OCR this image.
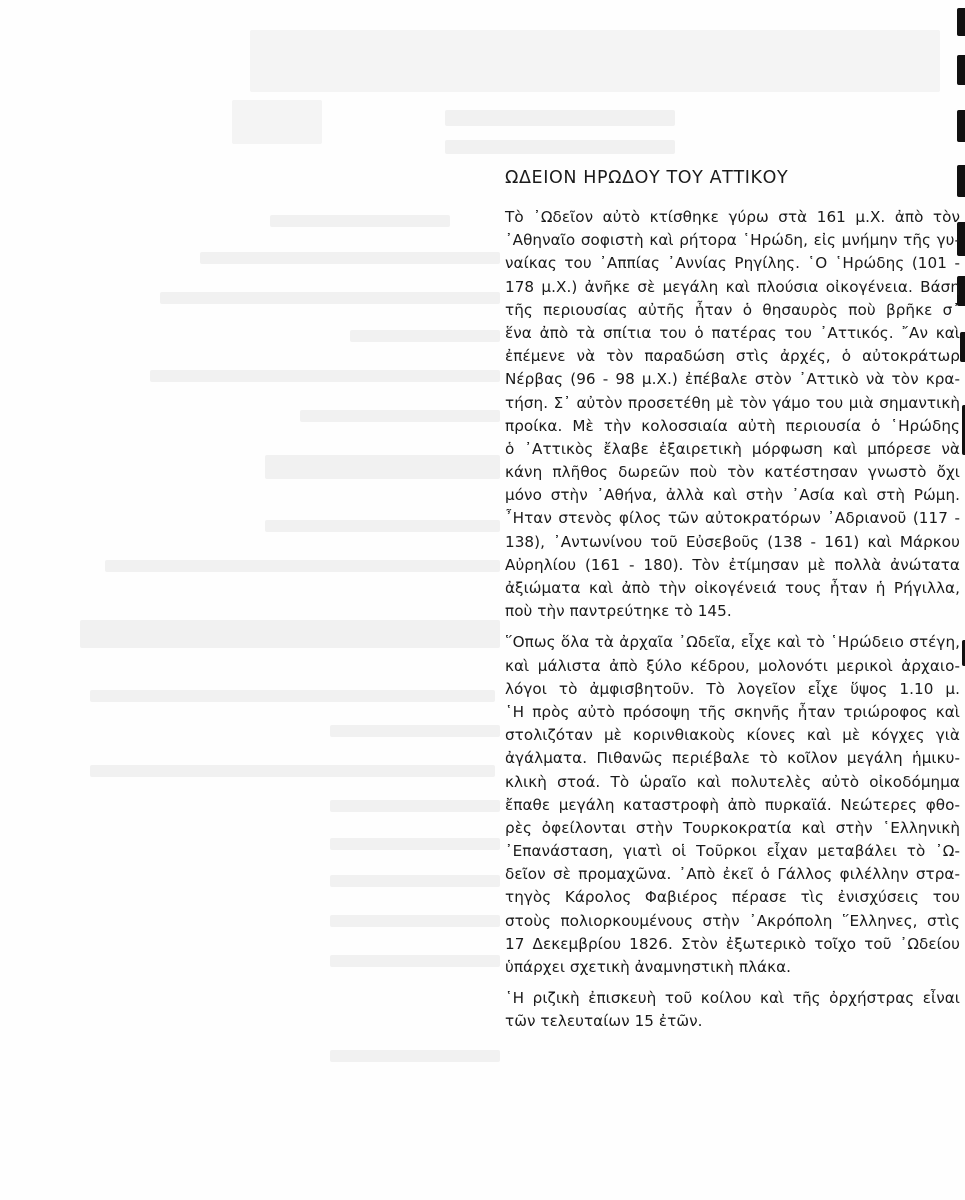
ΩΔΕΙΟΝ ΗΡΩΔΟΥ ΤΟΥ ΑΤΤΙΚΟΥ
Τὸ ᾿Ωδεῖον αὐτὸ κτίσθηκε γύρω στὰ 161 μ.Χ. ἀπὸ τὸν
᾿Αθηναῖο σοφιστὴ καὶ ρήτορα ῾Ηρώδη, εἰς μνήμην τῆς γυ-
ναίκας του ᾿Αππίας ᾿Αννίας Ρηγίλης. ῾Ο ῾Ηρώδης (101 -
178 μ.Χ.) ἀνῆκε σὲ μεγάλη καὶ πλούσια οἰκογένεια. Βάση
τῆς περιουσίας αὐτῆς ἦταν ὁ θησαυρὸς ποὺ βρῆκε σ᾿
ἕνα ἀπὸ τὰ σπίτια του ὁ πατέρας του ᾿Αττικός. ῎Αν καὶ
ἐπέμενε νὰ τὸν παραδώση στὶς ἀρχές, ὁ αὐτοκράτωρ
Νέρβας (96 - 98 μ.Χ.) ἐπέβαλε στὸν ᾿Αττικὸ νὰ τὸν κρα-
τήση. Σ᾿ αὐτὸν προσετέθη μὲ τὸν γάμο του μιὰ σημαντικὴ
προίκα. Μὲ τὴν κολοσσιαία αὐτὴ περιουσία ὁ ῾Ηρώδης
ὁ ᾿Αττικὸς ἔλαβε ἐξαιρετικὴ μόρφωση καὶ μπόρεσε νὰ
κάνη πλῆθος δωρεῶν ποὺ τὸν κατέστησαν γνωστὸ ὄχι
μόνο στὴν ᾿Αθήνα, ἀλλὰ καὶ στὴν ᾿Ασία καὶ στὴ Ρώμη.
῏Ηταν στενὸς φίλος τῶν αὐτοκρατόρων ᾿Αδριανοῦ (117 -
138), ᾿Αντωνίνου τοῦ Εὐσεβοῦς (138 - 161) καὶ Μάρκου
Αὐρηλίου (161 - 180). Τὸν ἐτίμησαν μὲ πολλὰ ἀνώτατα
ἀξιώματα καὶ ἀπὸ τὴν οἰκογένειά τους ἦταν ἡ Ρήγιλλα,
ποὺ τὴν παντρεύτηκε τὸ 145.
῞Οπως ὅλα τὰ ἀρχαῖα ᾿Ωδεῖα, εἶχε καὶ τὸ ῾Ηρώδειο στέγη,
καὶ μάλιστα ἀπὸ ξύλο κέδρου, μολονότι μερικοὶ ἀρχαιο-
λόγοι τὸ ἀμφισβητοῦν. Τὸ λογεῖον εἶχε ὕψος 1.10 μ.
῾Η πρὸς αὐτὸ πρόσοψη τῆς σκηνῆς ἦταν τριώροφος καὶ
στολιζόταν μὲ κορινθιακοὺς κίονες καὶ μὲ κόγχες γιὰ
ἀγάλματα. Πιθανῶς περιέβαλε τὸ κοῖλον μεγάλη ἡμικυ-
κλικὴ στοά. Τὸ ὡραῖο καὶ πολυτελὲς αὐτὸ οἰκοδόμημα
ἔπαθε μεγάλη καταστροφὴ ἀπὸ πυρκαϊά. Νεώτερες φθο-
ρὲς ὀφείλονται στὴν Τουρκοκρατία καὶ στὴν ῾Ελληνικὴ
᾿Επανάσταση, γιατὶ οἱ Τοῦρκοι εἶχαν μεταβάλει τὸ ᾿Ω-
δεῖον σὲ προμαχῶνα. ᾿Απὸ ἐκεῖ ὁ Γάλλος φιλέλλην στρα-
τηγὸς Κάρολος Φαβιέρος πέρασε τὶς ἐνισχύσεις του
στοὺς πολιορκουμένους στὴν ᾿Ακρόπολη ῞Ελληνες, στὶς
17 Δεκεμβρίου 1826. Στὸν ἐξωτερικὸ τοῖχο τοῦ ᾿Ωδείου
ὑπάρχει σχετικὴ ἀναμνηστικὴ πλάκα.
῾Η ριζικὴ ἐπισκευὴ τοῦ κοίλου καὶ τῆς ὀρχήστρας εἶναι
τῶν τελευταίων 15 ἐτῶν.
